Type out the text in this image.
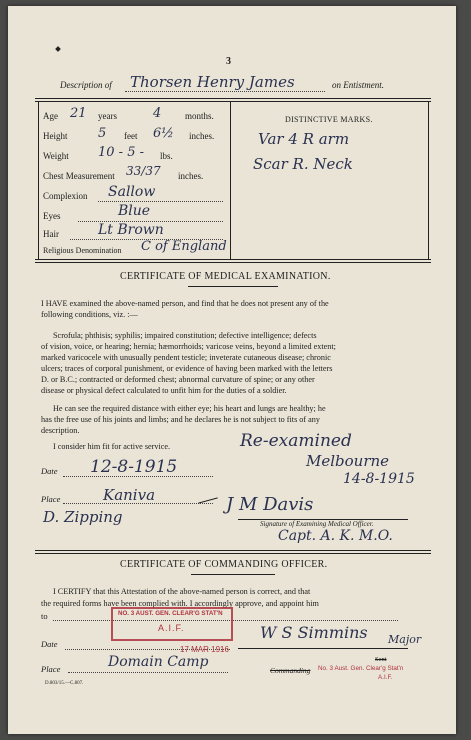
3
Description of Thorsen Henry James	on Entistment.
Age 21 years	4	months.
Height 5 feet 6½ inches.
Weight 10 - 5 - lbs.
Chest Measurement 33/37 inches.
Complexion Sallow
Eyes	Blue
Hair	Lt Brown
Religious Denomination C of England
DISTINCTIVE MARKS.
Var 4 R arm
Scar R. Neck
CERTIFICATE OF MEDICAL EXAMINATION.
I HAVE examined the above-named person, and find that he does not present any of the
following conditions, viz. :—
Scrofula; phthisis; syphilis; impaired constitution; defective intelligence; defects
of vision, voice, or hearing; hernia; hæmorrhoids; varicose veins, beyond a limited extent;
marked varicocele with unusually pendent testicle; inveterate cutaneous disease; chronic
ulcers; traces of corporal punishment, or evidence of having been marked with the letters
D. or B.C.; contracted or deformed chest; abnormal curvature of spine; or any other
disease or physical defect calculated to unfit him for the duties of a soldier.
He can see the required distance with either eye; his heart and lungs are healthy; he
has the free use of his joints and limbs; and he declares he is not subject to fits of any
description.
I consider him fit for active service.	Re-examined
Melbourne
14-8-1915
Date 12-8-1915
Place	Kaniva	J M Davis
D. Zipping	Signature of Examining Medical Officer.
Capt. A. K. M.O.
CERTIFICATE OF COMMANDING OFFICER.
I CERTIFY that this Attestation of the above-named person is correct, and that
the required forms have been complied with. I accordingly approve, and appoint him
to	NO. 3 AUST. GEN. CLEAR'G STAT'N
A.I.F.
Date
17 MAR 1916
W S Simmins Major
Place	Domain Camp	Sent
Commanding No. 3 Aust. Gen. Clear'g Stat'n
A.I.F.
D.803/15.—C.807.
